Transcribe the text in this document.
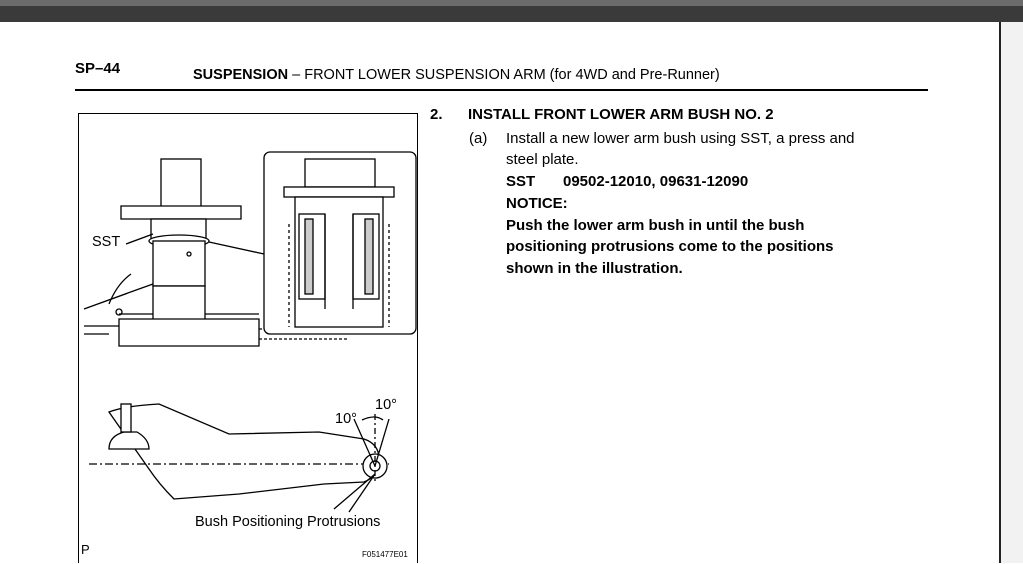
SP–44	SUSPENSION – FRONT LOWER SUSPENSION ARM (for 4WD and Pre-Runner)
SST
10°
10°
Bush Positioning Protrusions
P	F051477E01
2. INSTALL FRONT LOWER ARM BUSH NO. 2
(a) Install a new lower arm bush using SST, a press and
steel plate.
SST 09502-12010, 09631-12090
NOTICE:
Push the lower arm bush in until the bush
positioning protrusions come to the positions
shown in the illustration.
